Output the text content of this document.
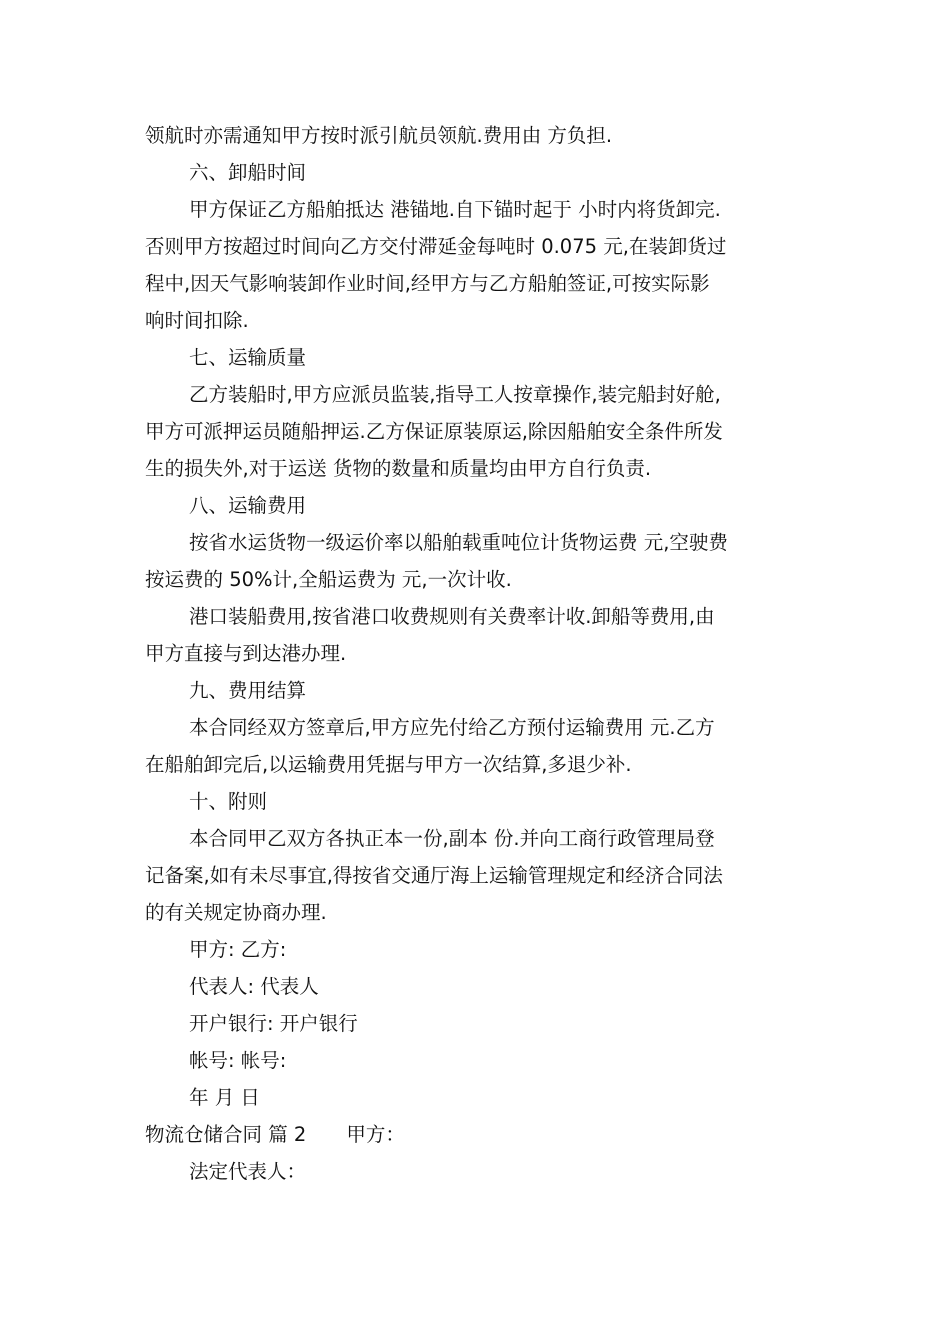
领航时亦需通知甲方按时派引航员领航.费用由 方负担.

六、卸船时间

甲方保证乙方船舶抵达 港锚地.自下锚时起于 小时内将货卸完.

否则甲方按超过时间向乙方交付滞延金每吨时 0.075 元,在装卸货过

程中,因天气影响装卸作业时间,经甲方与乙方船舶签证,可按实际影

响时间扣除.

七、运输质量

乙方装船时,甲方应派员监装,指导工人按章操作,装完船封好舱,

甲方可派押运员随船押运.乙方保证原装原运,除因船舶安全条件所发

生的损失外,对于运送 货物的数量和质量均由甲方自行负责.

八、运输费用

按省水运货物一级运价率以船舶载重吨位计货物运费 元,空驶费

按运费的 50%计,全船运费为 元,一次计收.

港口装船费用,按省港口收费规则有关费率计收.卸船等费用,由

甲方直接与到达港办理.

九、费用结算

本合同经双方签章后,甲方应先付给乙方预付运输费用 元.乙方

在船舶卸完后,以运输费用凭据与甲方一次结算,多退少补.

十、附则

本合同甲乙双方各执正本一份,副本 份.并向工商行政管理局登

记备案,如有未尽事宜,得按省交通厅海上运输管理规定和经济合同法

的有关规定协商办理.

甲方: 乙方:

代表人: 代表人

开户银行: 开户银行

帐号: 帐号:

年 月 日

物流仓储合同 篇 2 甲方：

法定代表人：
